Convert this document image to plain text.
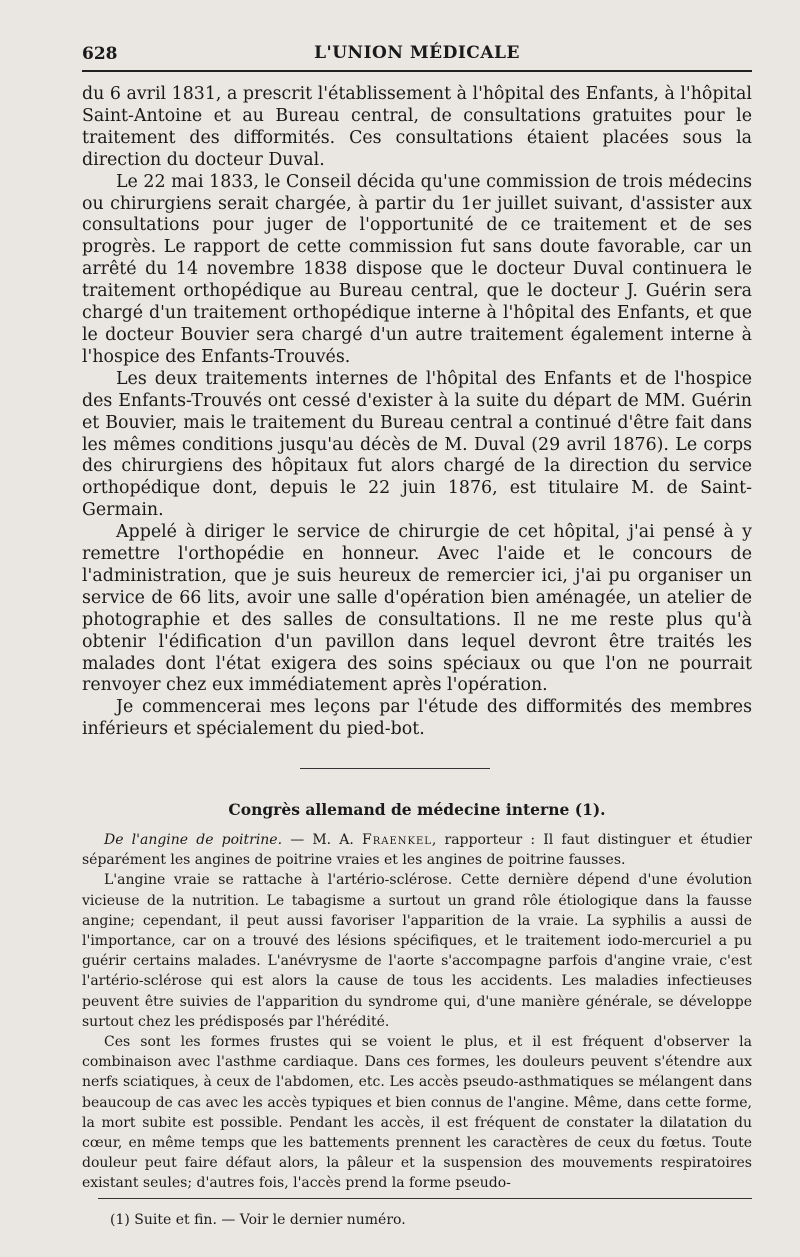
628	L'UNION MÉDICALE

du 6 avril 1831, a prescrit l'établissement à l'hôpital des Enfants, à l'hôpital Saint-Antoine et au Bureau central, de consultations gratuites pour le traitement des difformités. Ces consultations étaient placées sous la direction du docteur Duval.

Le 22 mai 1833, le Conseil décida qu'une commission de trois médecins ou chirurgiens serait chargée, à partir du 1er juillet suivant, d'assister aux consultations pour juger de l'opportunité de ce traitement et de ses progrès. Le rapport de cette commission fut sans doute favorable, car un arrêté du 14 novembre 1838 dispose que le docteur Duval continuera le traitement orthopédique au Bureau central, que le docteur J. Guérin sera chargé d'un traitement orthopédique interne à l'hôpital des Enfants, et que le docteur Bouvier sera chargé d'un autre traitement également interne à l'hospice des Enfants-Trouvés.

Les deux traitements internes de l'hôpital des Enfants et de l'hospice des Enfants-Trouvés ont cessé d'exister à la suite du départ de MM. Guérin et Bouvier, mais le traitement du Bureau central a continué d'être fait dans les mêmes conditions jusqu'au décès de M. Duval (29 avril 1876). Le corps des chirurgiens des hôpitaux fut alors chargé de la direction du service orthopédique dont, depuis le 22 juin 1876, est titulaire M. de Saint-Germain.

Appelé à diriger le service de chirurgie de cet hôpital, j'ai pensé à y remettre l'orthopédie en honneur. Avec l'aide et le concours de l'administration, que je suis heureux de remercier ici, j'ai pu organiser un service de 66 lits, avoir une salle d'opération bien aménagée, un atelier de photographie et des salles de consultations. Il ne me reste plus qu'à obtenir l'édification d'un pavillon dans lequel devront être traités les malades dont l'état exigera des soins spéciaux ou que l'on ne pourrait renvoyer chez eux immédiatement après l'opération.

Je commencerai mes leçons par l'étude des difformités des membres inférieurs et spécialement du pied-bot.

Congrès allemand de médecine interne (1).

De l'angine de poitrine. — M. A. Fraenkel, rapporteur : Il faut distinguer et étudier séparément les angines de poitrine vraies et les angines de poitrine fausses.

L'angine vraie se rattache à l'artério-sclérose. Cette dernière dépend d'une évolution vicieuse de la nutrition. Le tabagisme a surtout un grand rôle étiologique dans la fausse angine; cependant, il peut aussi favoriser l'apparition de la vraie. La syphilis a aussi de l'importance, car on a trouvé des lésions spécifiques, et le traitement iodo-mercuriel a pu guérir certains malades. L'anévrysme de l'aorte s'accompagne parfois d'angine vraie, c'est l'artério-sclérose qui est alors la cause de tous les accidents. Les maladies infectieuses peuvent être suivies de l'apparition du syndrome qui, d'une manière générale, se développe surtout chez les prédisposés par l'hérédité.

Ces sont les formes frustes qui se voient le plus, et il est fréquent d'observer la combinaison avec l'asthme cardiaque. Dans ces formes, les douleurs peuvent s'étendre aux nerfs sciatiques, à ceux de l'abdomen, etc. Les accès pseudo-asthmatiques se mélangent dans beaucoup de cas avec les accès typiques et bien connus de l'angine. Même, dans cette forme, la mort subite est possible. Pendant les accès, il est fréquent de constater la dilatation du cœur, en même temps que les battements prennent les caractères de ceux du fœtus. Toute douleur peut faire défaut alors, la pâleur et la suspension des mouvements respiratoires existant seules; d'autres fois, l'accès prend la forme pseudo-

(1) Suite et fin. — Voir le dernier numéro.
